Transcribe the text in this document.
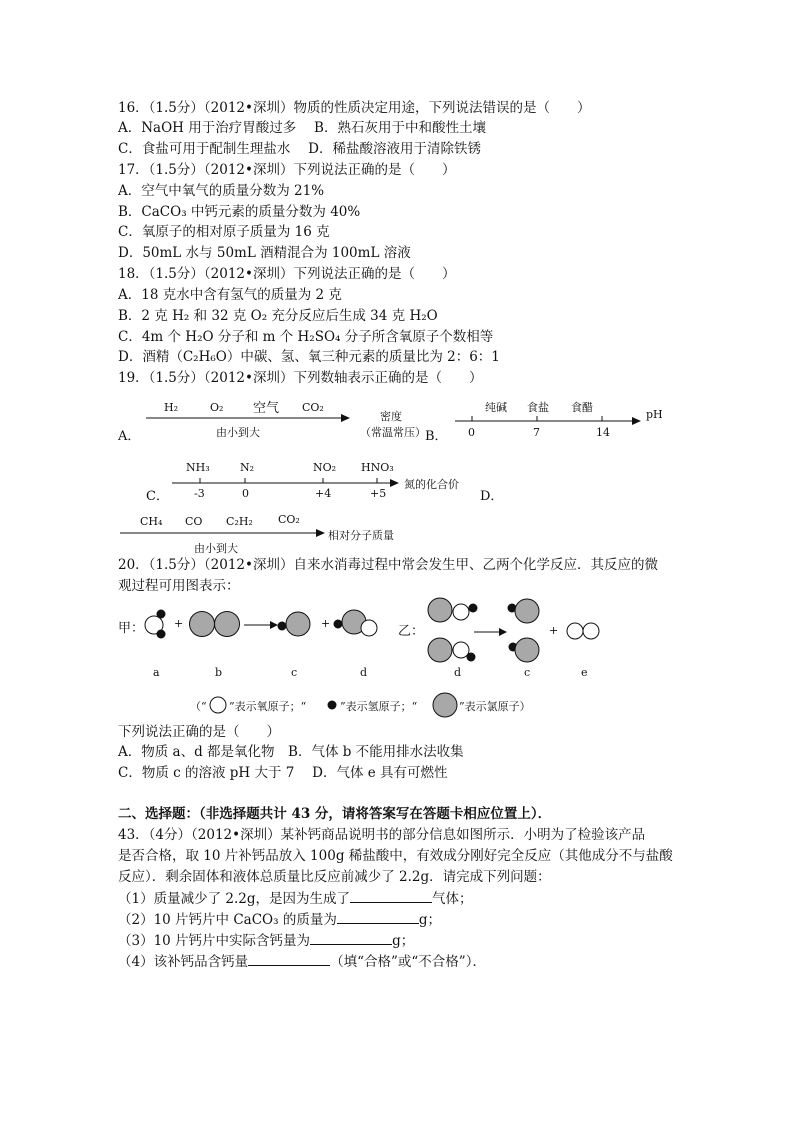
16．（1.5分）（2012•深圳）物质的性质决定用途，下列说法错误的是（　　）
A．NaOH 用于治疗胃酸过多　 B．熟石灰用于中和酸性土壤
C．食盐可用于配制生理盐水　 D．稀盐酸溶液用于清除铁锈
17．（1.5分）（2012•深圳）下列说法正确的是（　　）
A．空气中氧气的质量分数为 21%
B．CaCO₃ 中钙元素的质量分数为 40%
C．氧原子的相对原子质量为 16 克
D．50mL 水与 50mL 酒精混合为 100mL 溶液
18．（1.5分）（2012•深圳）下列说法正确的是（　　）
A．18 克水中含有氢气的质量为 2 克
B．2 克 H₂ 和 32 克 O₂ 充分反应后生成 34 克 H₂O
C．4m 个 H₂O 分子和 m 个 H₂SO₄ 分子所含氧原子个数相等
D．酒精（C₂H₆O）中碳、氢、氧三种元素的质量比为 2：6：1
19．（1.5分）（2012•深圳）下列数轴表示正确的是（　　）
H₂	O₂ 空气 CO₂
由小到大
A．
密度
（常温常压） B．
纯碱 食盐 食醋
0	7	14
pH
C．
NH₃	N₂	NO₂ HNO₃
-3	0	+4	+5
氮的化合价
D．
CH₄ CO C₂H₂ CO₂
由小到大
相对分子质量
20．（1.5分）（2012•深圳）自来水消毒过程中常会发生甲、乙两个化学反应．其反应的微
观过程可用图表示：
甲：	+	+
乙：	+
a	b	c	d	d	c	e
（“ ”表示氧原子；“	”表示氢原子；“	”表示氯原子）
下列说法正确的是（　　）
A．物质 a、d 都是氧化物　B．气体 b 不能用排水法收集
C．物质 c 的溶液 pH 大于 7　 D．气体 e 具有可燃性
二、选择题：（非选择题共计 43 分，请将答案写在答题卡相应位置上）．
43．（4分）（2012•深圳）某补钙商品说明书的部分信息如图所示．小明为了检验该产品
是否合格，取 10 片补钙品放入 100g 稀盐酸中，有效成分刚好完全反应（其他成分不与盐酸
反应）．剩余固体和液体总质量比反应前减少了 2.2g．请完成下列问题：
（1）质量减少了 2.2g，是因为生成了	气体；
（2）10 片钙片中 CaCO₃ 的质量为	g；
（3）10 片钙片中实际含钙量为	g；
（4）该补钙品含钙量	（填“合格”或“不合格”）．
